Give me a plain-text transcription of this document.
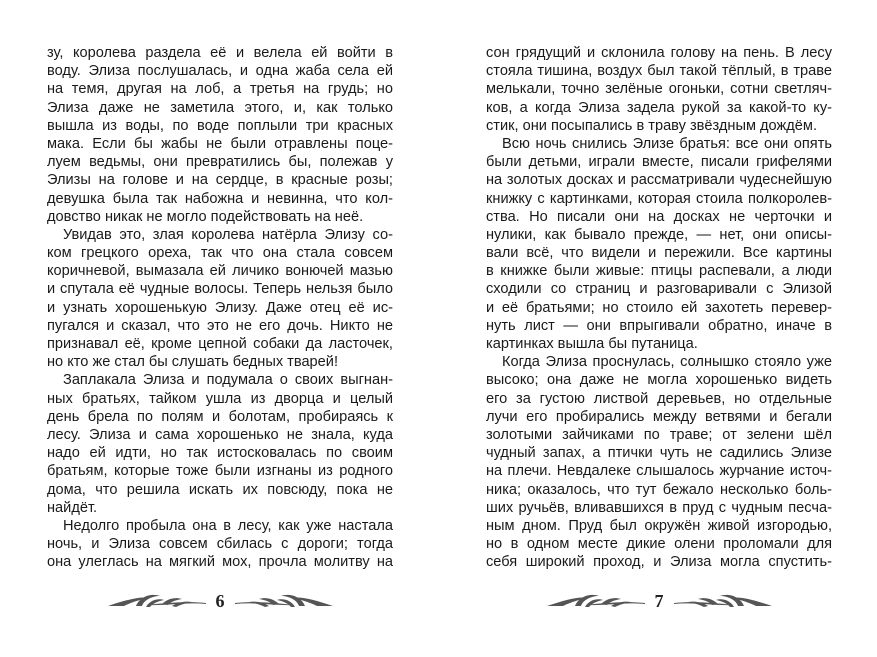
зу, королева раздела её и велела ей войти в
воду. Элиза послушалась, и одна жаба села ей
на темя, другая на лоб, а третья на грудь; но
Элиза даже не заметила этого, и, как только
вышла из воды, по воде поплыли три красных
мака. Если бы жабы не были отравлены поце-
луем ведьмы, они превратились бы, полежав у
Элизы на голове и на сердце, в красные розы;
девушка была так набожна и невинна, что кол-
довство никак не могло подействовать на неё.
Увидав это, злая королева натёрла Элизу со-
ком грецкого ореха, так что она стала совсем
коричневой, вымазала ей личико вонючей мазью
и спутала её чудные волосы. Теперь нельзя было
и узнать хорошенькую Элизу. Даже отец её ис-
пугался и сказал, что это не его дочь. Никто не
признавал её, кроме цепной собаки да ласточек,
но кто же стал бы слушать бедных тварей!
Заплакала Элиза и подумала о своих выгнан-
ных братьях, тайком ушла из дворца и целый
день брела по полям и болотам, пробираясь к
лесу. Элиза и сама хорошенько не знала, куда
надо ей идти, но так истосковалась по своим
братьям, которые тоже были изгнаны из родного
дома, что решила искать их повсюду, пока не
найдёт.
Недолго пробыла она в лесу, как уже настала
ночь, и Элиза совсем сбилась с дороги; тогда
она улеглась на мягкий мох, прочла молитву на
сон грядущий и склонила голову на пень. В лесу
стояла тишина, воздух был такой тёплый, в траве
мелькали, точно зелёные огоньки, сотни светляч-
ков, а когда Элиза задела рукой за какой-то ку-
стик, они посыпались в траву звёздным дождём.
Всю ночь снились Элизе братья: все они опять
были детьми, играли вместе, писали грифелями
на золотых досках и рассматривали чудеснейшую
книжку с картинками, которая стоила полкоролев-
ства. Но писали они на досках не черточки и
нулики, как бывало прежде, — нет, они описы-
вали всё, что видели и пережили. Все картины
в книжке были живые: птицы распевали, а люди
сходили со страниц и разговаривали с Элизой
и её братьями; но стоило ей захотеть перевер-
нуть лист — они впрыгивали обратно, иначе в
картинках вышла бы путаница.
Когда Элиза проснулась, солнышко стояло уже
высоко; она даже не могла хорошенько видеть
его за густою листвой деревьев, но отдельные
лучи его пробирались между ветвями и бегали
золотыми зайчиками по траве; от зелени шёл
чудный запах, а птички чуть не садились Элизе
на плечи. Невдалеке слышалось журчание источ-
ника; оказалось, что тут бежало несколько боль-
ших ручьёв, вливавшихся в пруд с чудным песча-
ным дном. Пруд был окружён живой изгородью,
но в одном месте дикие олени проломали для
себя широкий проход, и Элиза могла спустить-
6	7
